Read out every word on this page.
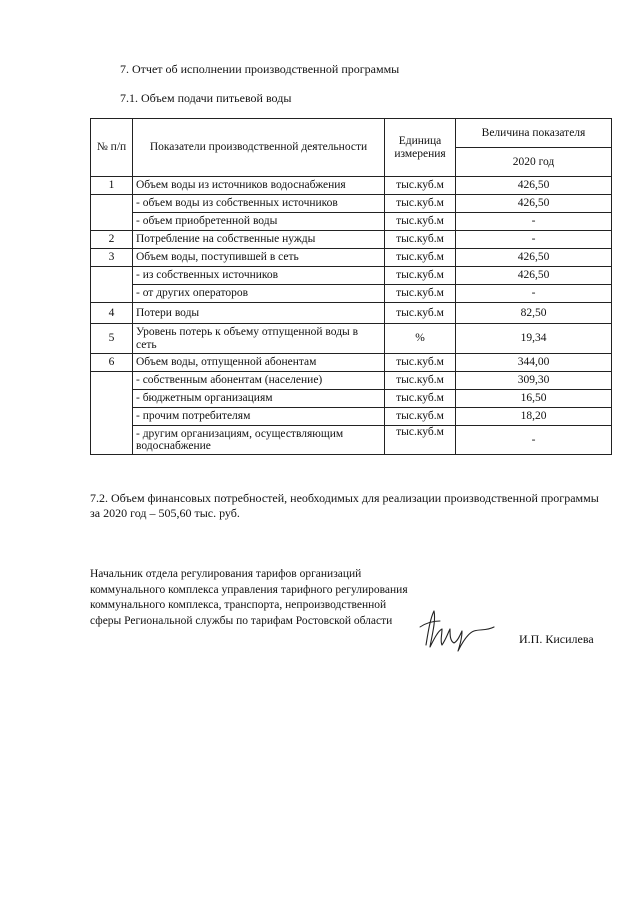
7. Отчет об исполнении производственной программы
7.1. Объем подачи питьевой воды
№ п/п	Показатели производственной деятельности	Единица измерения	Величина показателя
			2020 год
1	Объем воды из источников водоснабжения	тыс.куб.м	426,50
	- объем воды из собственных источников	тыс.куб.м	426,50
	- объем приобретенной воды	тыс.куб.м	-
2	Потребление на собственные нужды	тыс.куб.м	-
3	Объем воды, поступившей в сеть	тыс.куб.м	426,50
	- из собственных источников	тыс.куб.м	426,50
	- от других операторов	тыс.куб.м	-
4	Потери воды	тыс.куб.м	82,50
5	Уровень потерь к объему отпущенной воды в сеть	%	19,34
6	Объем воды, отпущенной абонентам	тыс.куб.м	344,00
	- собственным абонентам (население)	тыс.куб.м	309,30
	- бюджетным организациям	тыс.куб.м	16,50
	- прочим потребителям	тыс.куб.м	18,20
	- другим организациям, осуществляющим водоснабжение	тыс.куб.м	-
7.2. Объем финансовых потребностей, необходимых для реализации производственной программы за 2020 год – 505,60 тыс. руб.
Начальник отдела регулирования тарифов организаций коммунального комплекса управления тарифного регулирования коммунального комплекса, транспорта, непроизводственной сферы Региональной службы по тарифам Ростовской области
И.П. Кисилева
